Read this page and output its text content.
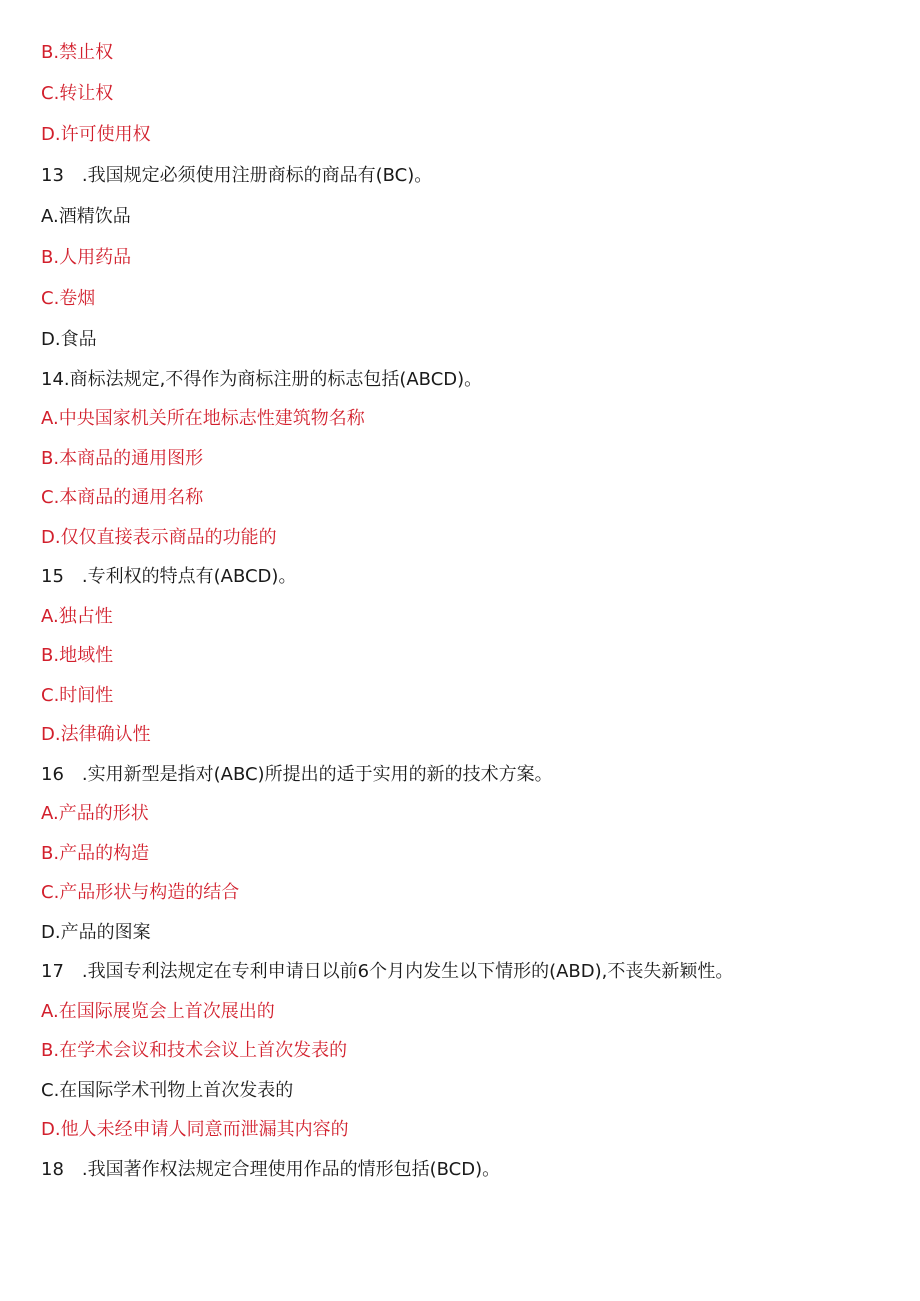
B.禁止权
C.转让权
D.许可使用权
13　.我国规定必须使用注册商标的商品有(BC)。
A.酒精饮品
B.人用药品
C.卷烟
D.食品
14.商标法规定,不得作为商标注册的标志包括(ABCD)。
A.中央国家机关所在地标志性建筑物名称
B.本商品的通用图形
C.本商品的通用名称
D.仅仅直接表示商品的功能的
15　.专利权的特点有(ABCD)。
A.独占性
B.地域性
C.时间性
D.法律确认性
16　.实用新型是指对(ABC)所提出的适于实用的新的技术方案。
A.产品的形状
B.产品的构造
C.产品形状与构造的结合
D.产品的图案
17　.我国专利法规定在专利申请日以前6个月内发生以下情形的(ABD),不丧失新颖性。
A.在国际展览会上首次展出的
B.在学术会议和技术会议上首次发表的
C.在国际学术刊物上首次发表的
D.他人未经申请人同意而泄漏其内容的
18　.我国著作权法规定合理使用作品的情形包括(BCD)。
